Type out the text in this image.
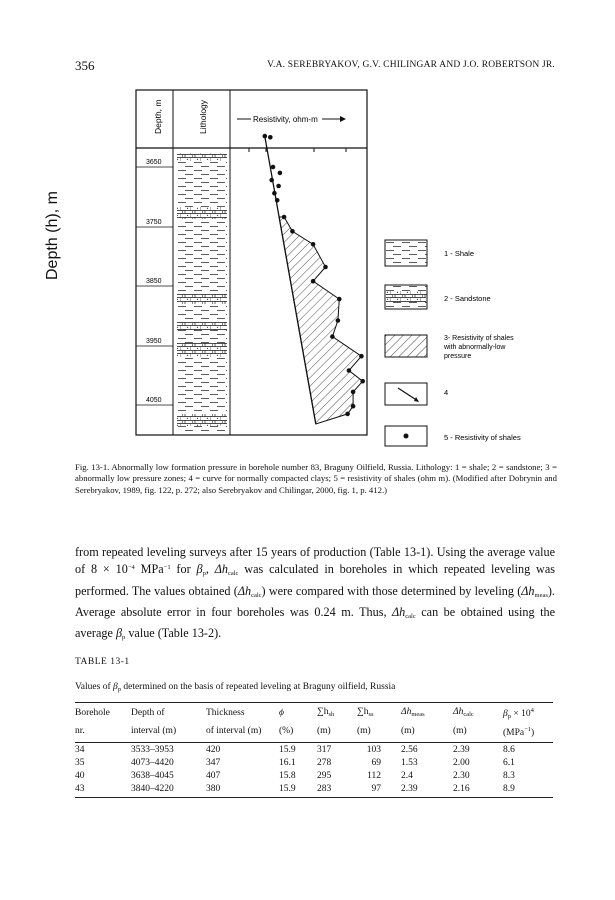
356	V.A. SEREBRYAKOV, G.V. CHILINGAR AND J.O. ROBERTSON JR.
Depth, m	Lithology	Resistivity, ohm-m
3650
3750
3850
3950
4050
1 - Shale
2 - Sandstone
3- Resistivity of shales with abnormally-low pressure
4
5 - Resistivity of shales
Depth (h), m
Fig. 13-1. Abnormally low formation pressure in borehole number 83, Braguny Oilfield, Russia. Lithology: 1 = shale; 2 = sandstone; 3 = abnormally low pressure zones; 4 = curve for normally compacted clays; 5 = resistivity of shales (ohm m). (Modified after Dobrynin and Serebryakov, 1989, fig. 122, p. 272; also Serebryakov and Chilingar, 2000, fig. 1, p. 412.)
from repeated leveling surveys after 15 years of production (Table 13-1). Using the average value of $8 \times 10^{-4}$ MPa$^{-1}$ for $\beta_p$, $\Delta h_{calc}$ was calculated in boreholes in which repeated leveling was performed. The values obtained $(\Delta h_{calc})$ were compared with those determined by leveling $(\Delta h_{meas})$. Average absolute error in four boreholes was 0.24 m. Thus, $\Delta h_{calc}$ can be obtained using the average $\beta_p$ value (Table 13-2).
TABLE 13-1
Values of $\beta_p$ determined on the basis of repeated leveling at Braguny oilfield, Russia
Borehole	Depth of	Thickness	ϕ	$\sum h_{sh}$	$\sum h_{ss}$	$\Delta h_{meas}$	$\Delta h_{calc}$	$\beta_p \times 10^4$
nr.	interval (m)	of interval (m)	(%)	(m)	(m)	(m)	(m)	(MPa$^{-1}$)
34	3533–3953	420	15.9	317	103	2.56	2.39	8.6
35	4073–4420	347	16.1	278	69	1.53	2.00	6.1
40	3638–4045	407	15.8	295	112	2.4	2.30	8.3
43	3840–4220	380	15.9	283	97	2.39	2.16	8.9
